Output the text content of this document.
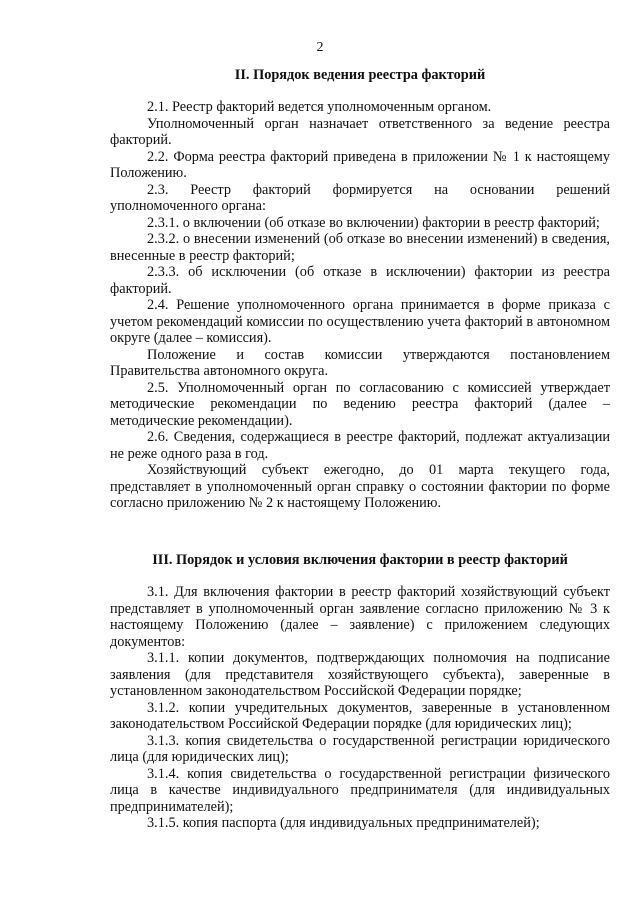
2
II. Порядок ведения реестра факторий

2.1. Реестр факторий ведется уполномоченным органом.

Уполномоченный орган назначает ответственного за ведение реестра факторий.

2.2. Форма реестра факторий приведена в приложении № 1 к настоящему Положению.

2.3. Реестр факторий формируется на основании решений уполномоченного органа:

2.3.1. о включении (об отказе во включении) фактории в реестр факторий;

2.3.2. о внесении изменений (об отказе во внесении изменений) в сведения, внесенные в реестр факторий;

2.3.3. об исключении (об отказе в исключении) фактории из реестра факторий.

2.4. Решение уполномоченного органа принимается в форме приказа с учетом рекомендаций комиссии по осуществлению учета факторий в автономном округе (далее – комиссия).

Положение и состав комиссии утверждаются постановлением Правительства автономного округа.

2.5. Уполномоченный орган по согласованию с комиссией утверждает методические рекомендации по ведению реестра факторий (далее – методические рекомендации).

2.6. Сведения, содержащиеся в реестре факторий, подлежат актуализации не реже одного раза в год.

Хозяйствующий субъект ежегодно, до 01 марта текущего года, представляет в уполномоченный орган справку о состоянии фактории по форме согласно приложению № 2 к настоящему Положению.

III. Порядок и условия включения фактории в реестр факторий

3.1. Для включения фактории в реестр факторий хозяйствующий субъект представляет в уполномоченный орган заявление согласно приложению № 3 к настоящему Положению (далее – заявление) с приложением следующих документов:

3.1.1. копии документов, подтверждающих полномочия на подписание заявления (для представителя хозяйствующего субъекта), заверенные в установленном законодательством Российской Федерации порядке;

3.1.2. копии учредительных документов, заверенные в установленном законодательством Российской Федерации порядке (для юридических лиц);

3.1.3. копия свидетельства о государственной регистрации юридического лица (для юридических лиц);

3.1.4. копия свидетельства о государственной регистрации физического лица в качестве индивидуального предпринимателя (для индивидуальных предпринимателей);

3.1.5. копия паспорта (для индивидуальных предпринимателей);
